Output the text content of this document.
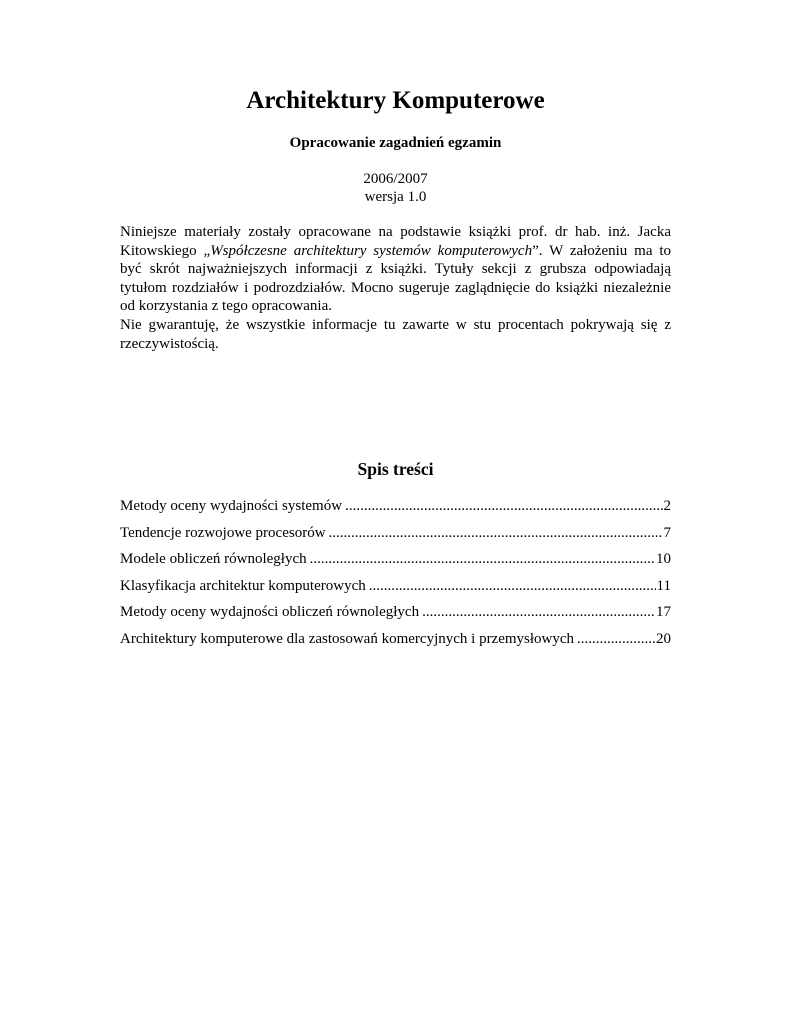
Architektury Komputerowe
Opracowanie zagadnień egzamin
2006/2007
wersja 1.0

Niniejsze materiały zostały opracowane na podstawie książki prof. dr hab. inż. Jacka Kitowskiego „Współczesne architektury systemów komputerowych”. W założeniu ma to być skrót najważniejszych informacji z książki. Tytuły sekcji z grubsza odpowiadają tytułom rozdziałów i podrozdziałów. Mocno sugeruje zaglądnięcie do książki niezależnie od korzystania z tego opracowania.

Nie gwarantuję, że wszystkie informacje tu zawarte w stu procentach pokrywają się z rzeczywistością.

Spis treści
Metody oceny wydajności systemów .....	2
Tendencje rozwojowe procesorów .....	7
Modele obliczeń równoległych .....	10
Klasyfikacja architektur komputerowych .....	11
Metody oceny wydajności obliczeń równoległych .....	17
Architektury komputerowe dla zastosowań komercyjnych i przemysłowych .....	20
